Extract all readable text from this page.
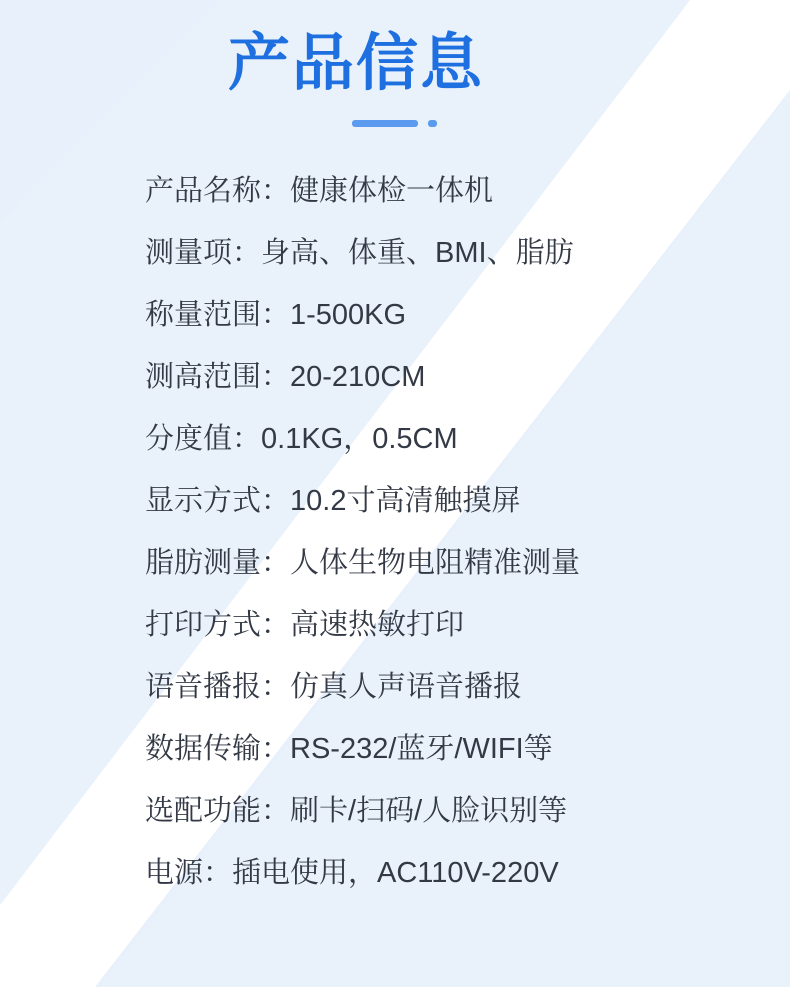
产品信息
产品名称： 健康体检一体机
测量项： 身高、体重、BMI、脂肪
称量范围： 1-500KG
测高范围： 20-210CM
分度值： 0.1KG，0.5CM
显示方式： 10.2寸高清触摸屏
脂肪测量： 人体生物电阻精准测量
打印方式： 高速热敏打印
语音播报： 仿真人声语音播报
数据传输： RS-232/蓝牙/WIFI等
选配功能： 刷卡/扫码/人脸识别等
电源： 插电使用，AC110V-220V
